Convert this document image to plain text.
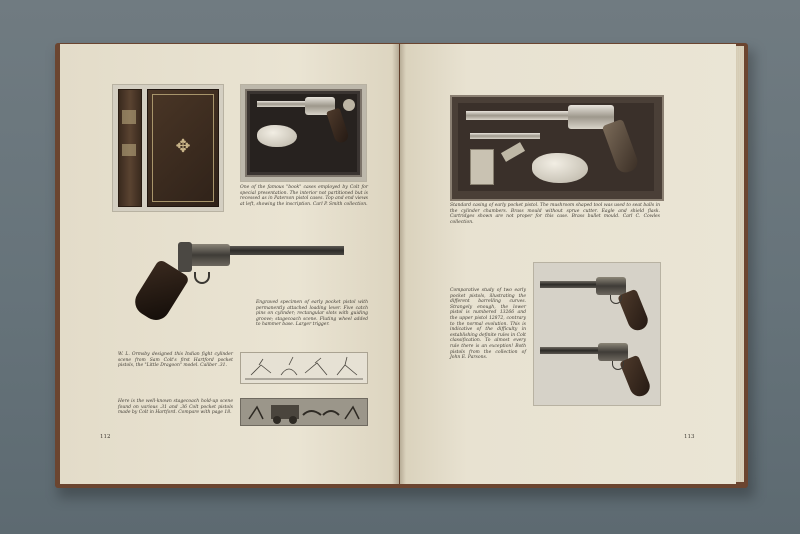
✥
One of the famous "book" cases employed by Colt for special presentation. The interior not partitioned but is recessed as in Paterson pistol cases. Top and end views at left, showing the inscription. Carl P. Smith collection.
Engraved specimen of early pocket pistol with permanently attached loading lever. Five catch pins on cylinder; rectangular slots with guiding groove; stagecoach scene. Fluting wheel added to hammer base. Larger trigger.
W. L. Ormsby designed this Indian fight cylinder scene from Sam Colt's first Hartford pocket pistols, the "Little Dragoon" model. Caliber .31.
Here is the well-known stagecoach hold-up scene found on various .31 and .36 Colt pocket pistols made by Colt in Hartford. Compare with page 18.
112
Standard casing of early pocket pistol. The mushroom shaped tool was used to seat balls in the cylinder chambers. Brass mould without sprue cutter. Eagle and shield flask. Cartridges shown are not proper for this case. Brass bullet mould. Carl C. Cowles collection.
Comparative study of two early pocket pistols, illustrating the different barrelling curves. Strangely enough, the lower pistol is numbered 13266 and the upper pistol 12872, contrary to the normal evolution. This is indicative of the difficulty in establishing definite rules in Colt classification. To almost every rule there is an exception! Both pistols from the collection of John E. Parsons.
113
